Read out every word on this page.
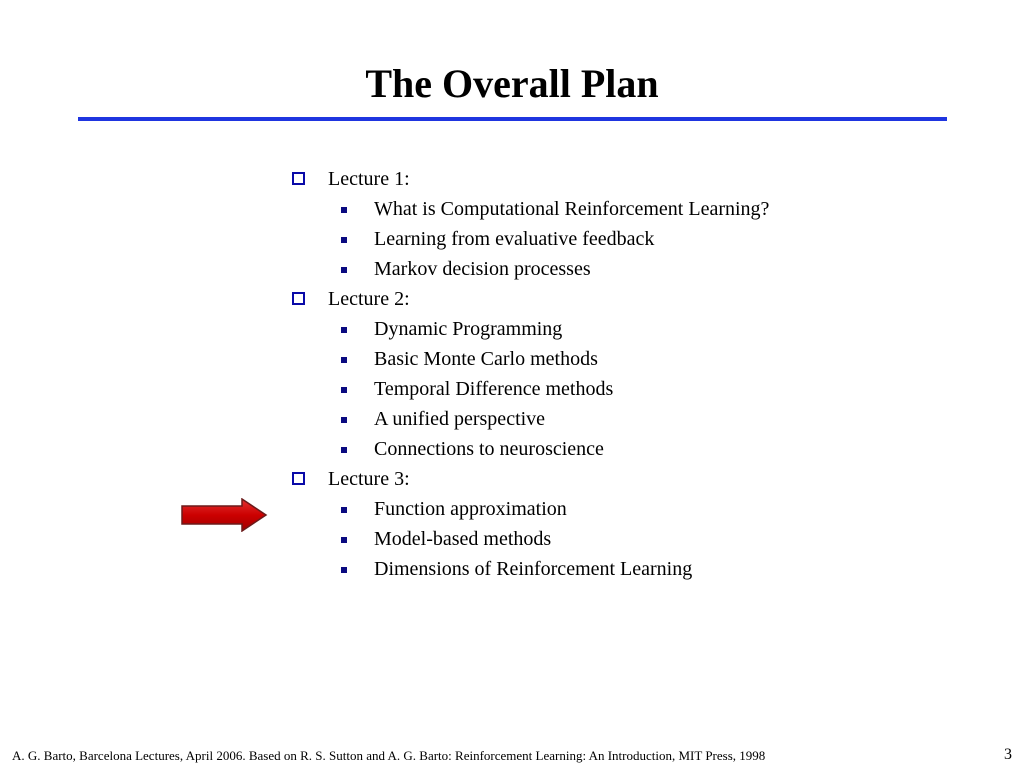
The Overall Plan
Lecture 1:
What is Computational Reinforcement Learning?
Learning from evaluative feedback
Markov decision processes
Lecture 2:
Dynamic Programming
Basic Monte Carlo methods
Temporal Difference methods
A unified perspective
Connections to neuroscience
Lecture 3:
Function approximation
Model-based methods
Dimensions of Reinforcement Learning
A. G. Barto, Barcelona Lectures, April 2006. Based on R. S. Sutton and A. G. Barto: Reinforcement Learning: An Introduction, MIT Press, 1998	3
